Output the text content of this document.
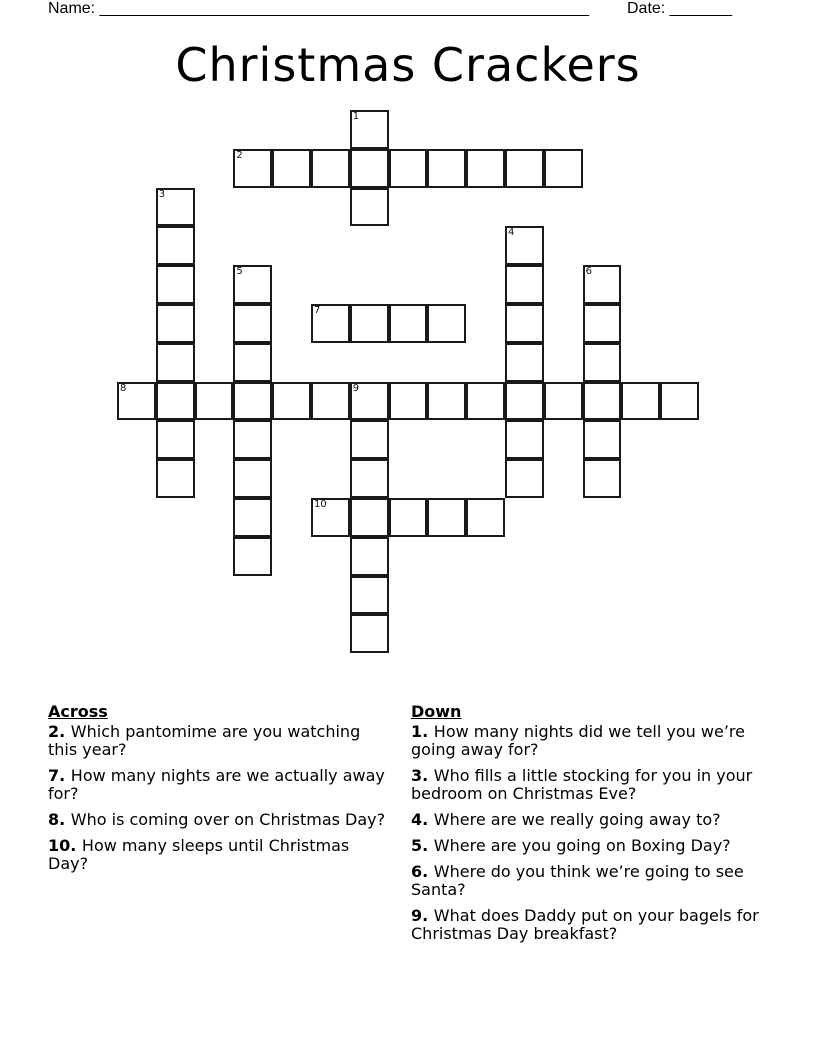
Name: _______________________________________________________ Date: _______
Christmas Crackers
1
2
3
4
5	6
7
8	9
10
Across
2. Which pantomime are you watching this year?
7. How many nights are we actually away for?
8. Who is coming over on Christmas Day?
10. How many sleeps until Christmas Day?
Down
1. How many nights did we tell you we’re going away for?
3. Who fills a little stocking for you in your bedroom on Christmas Eve?
4. Where are we really going away to?
5. Where are you going on Boxing Day?
6. Where do you think we’re going to see Santa?
9. What does Daddy put on your bagels for Christmas Day breakfast?
